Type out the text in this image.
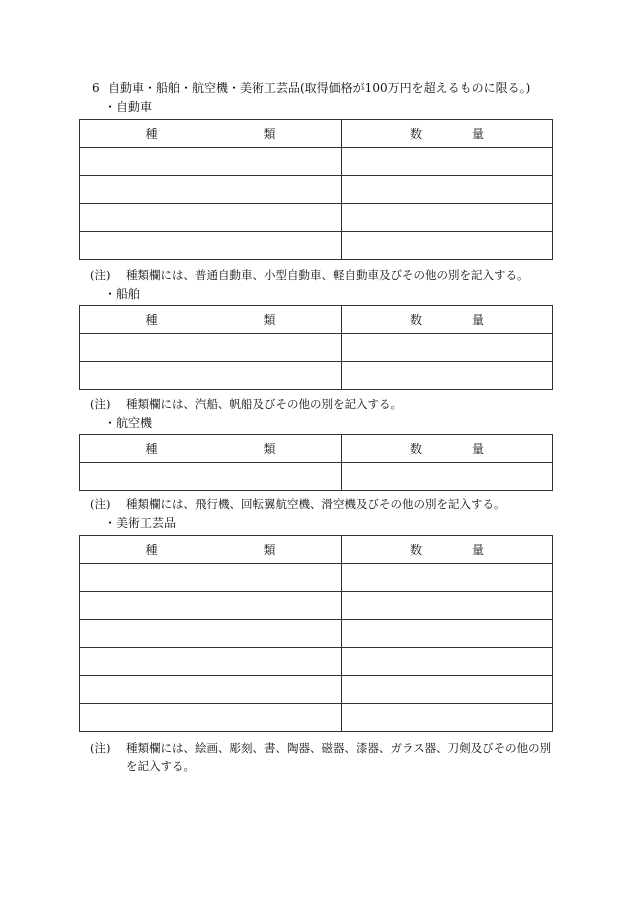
6 自動車・船舶・航空機・美術工芸品(取得価格が100万円を超えるものに限る。)
・自動車
種　類	数　量

(注) 種類欄には、普通自動車、小型自動車、軽自動車及びその他の別を記入する。
・船舶
種　類	数　量

(注) 種類欄には、汽船、帆船及びその他の別を記入する。
・航空機
種　類	数　量

(注) 種類欄には、飛行機、回転翼航空機、滑空機及びその他の別を記入する。
・美術工芸品
種　類	数　量

(注) 種類欄には、絵画、彫刻、書、陶器、磁器、漆器、ガラス器、刀剣及びその他の別
を記入する。
